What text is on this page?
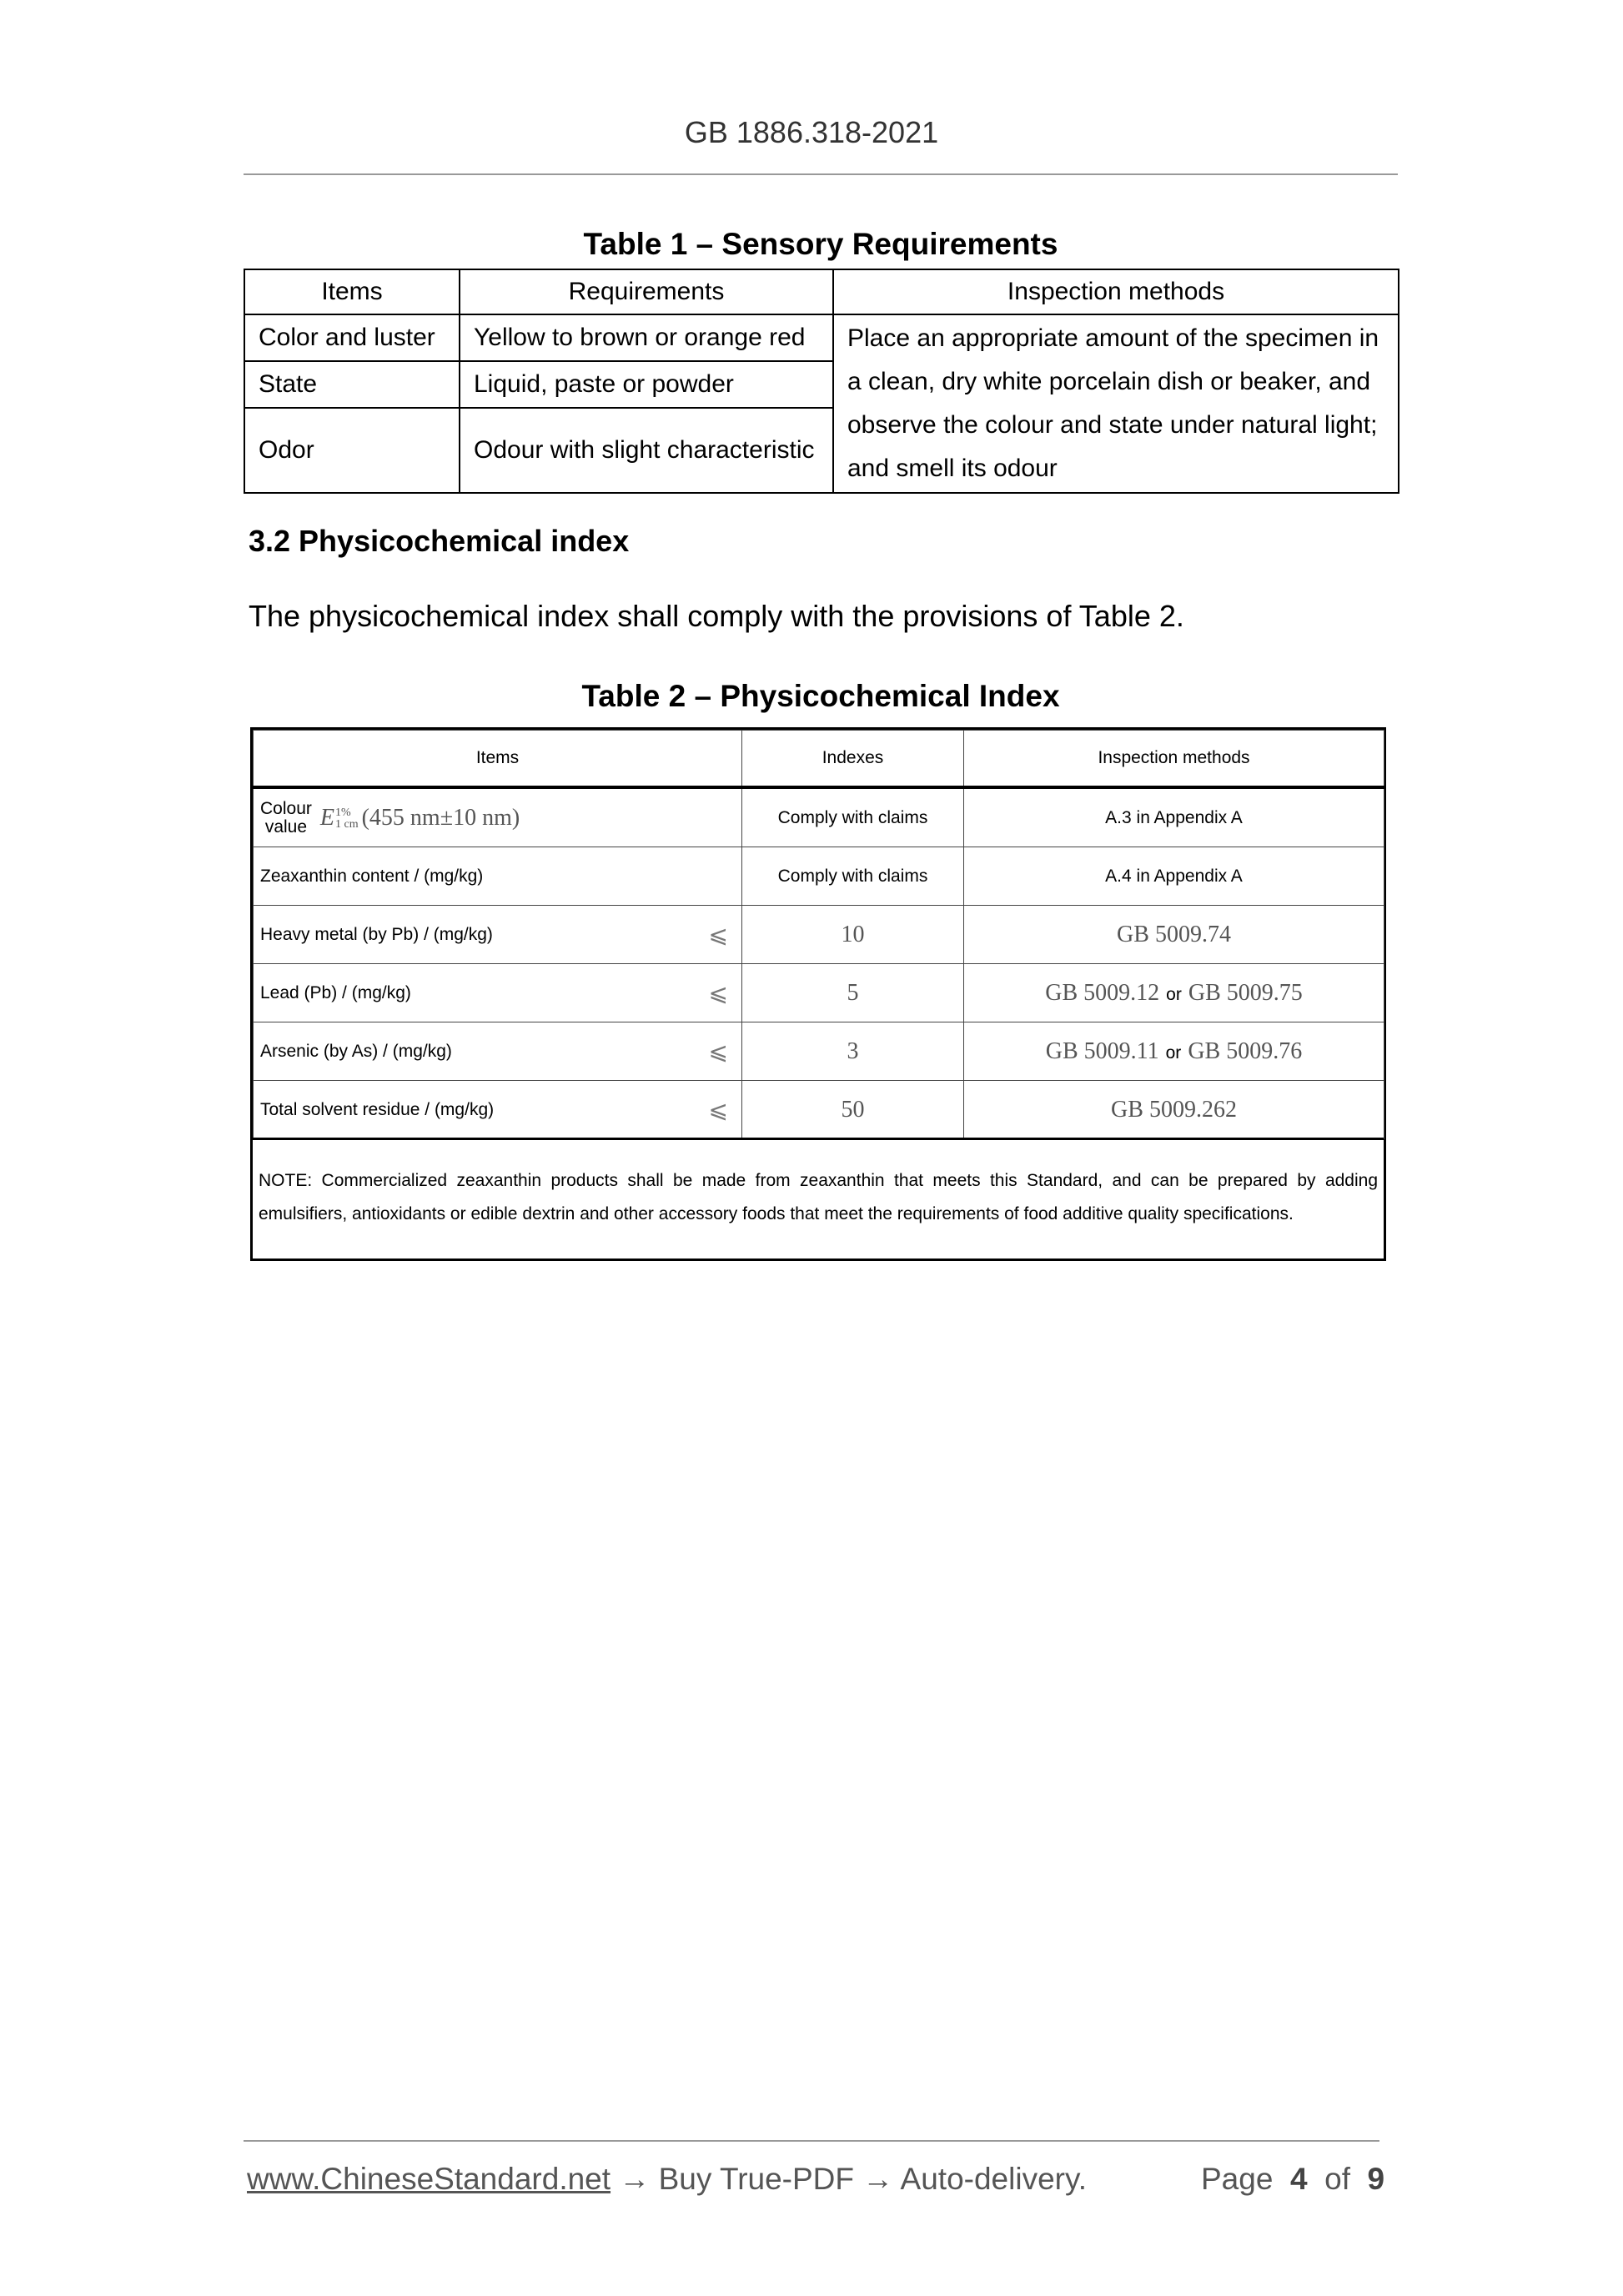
GB 1886.318-2021
Table 1 – Sensory Requirements
Items	Requirements	Inspection methods
Color and luster	Yellow to brown or orange red	Place an appropriate amount of the specimen in
a clean, dry white porcelain dish or beaker, and
observe the colour and state under natural light;
and smell its odour

State	Liquid, paste or powder	
Odor	Odour with slight characteristic	
3.2 Physicochemical index
The physicochemical index shall comply with the provisions of Table 2.
Table 2 – Physicochemical Index
Items	Indexes	Inspection methods

Colour
value E1%
1 cm (455 nm±10 nm)	Comply with claims	A.3 in Appendix A
Zeaxanthin content / (mg/kg)	Comply with claims	A.4 in Appendix A

Heavy metal (by Pb) / (mg/kg) ⩽	10	GB 5009.74

Lead (Pb) / (mg/kg) ⩽	5	GB 5009.12 or GB 5009.75

Arsenic (by As) / (mg/kg) ⩽	3	GB 5009.11 or GB 5009.76

Total solvent residue / (mg/kg) ⩽	50	GB 5009.262
NOTE: Commercialized zeaxanthin products shall be made from zeaxanthin that meets this Standard, and can be prepared by adding emulsifiers, antioxidants or edible dextrin and other accessory foods that meet the requirements of food additive quality specifications.
www.ChineseStandard.net → Buy True-PDF → Auto-delivery.	Page 4 of 9
